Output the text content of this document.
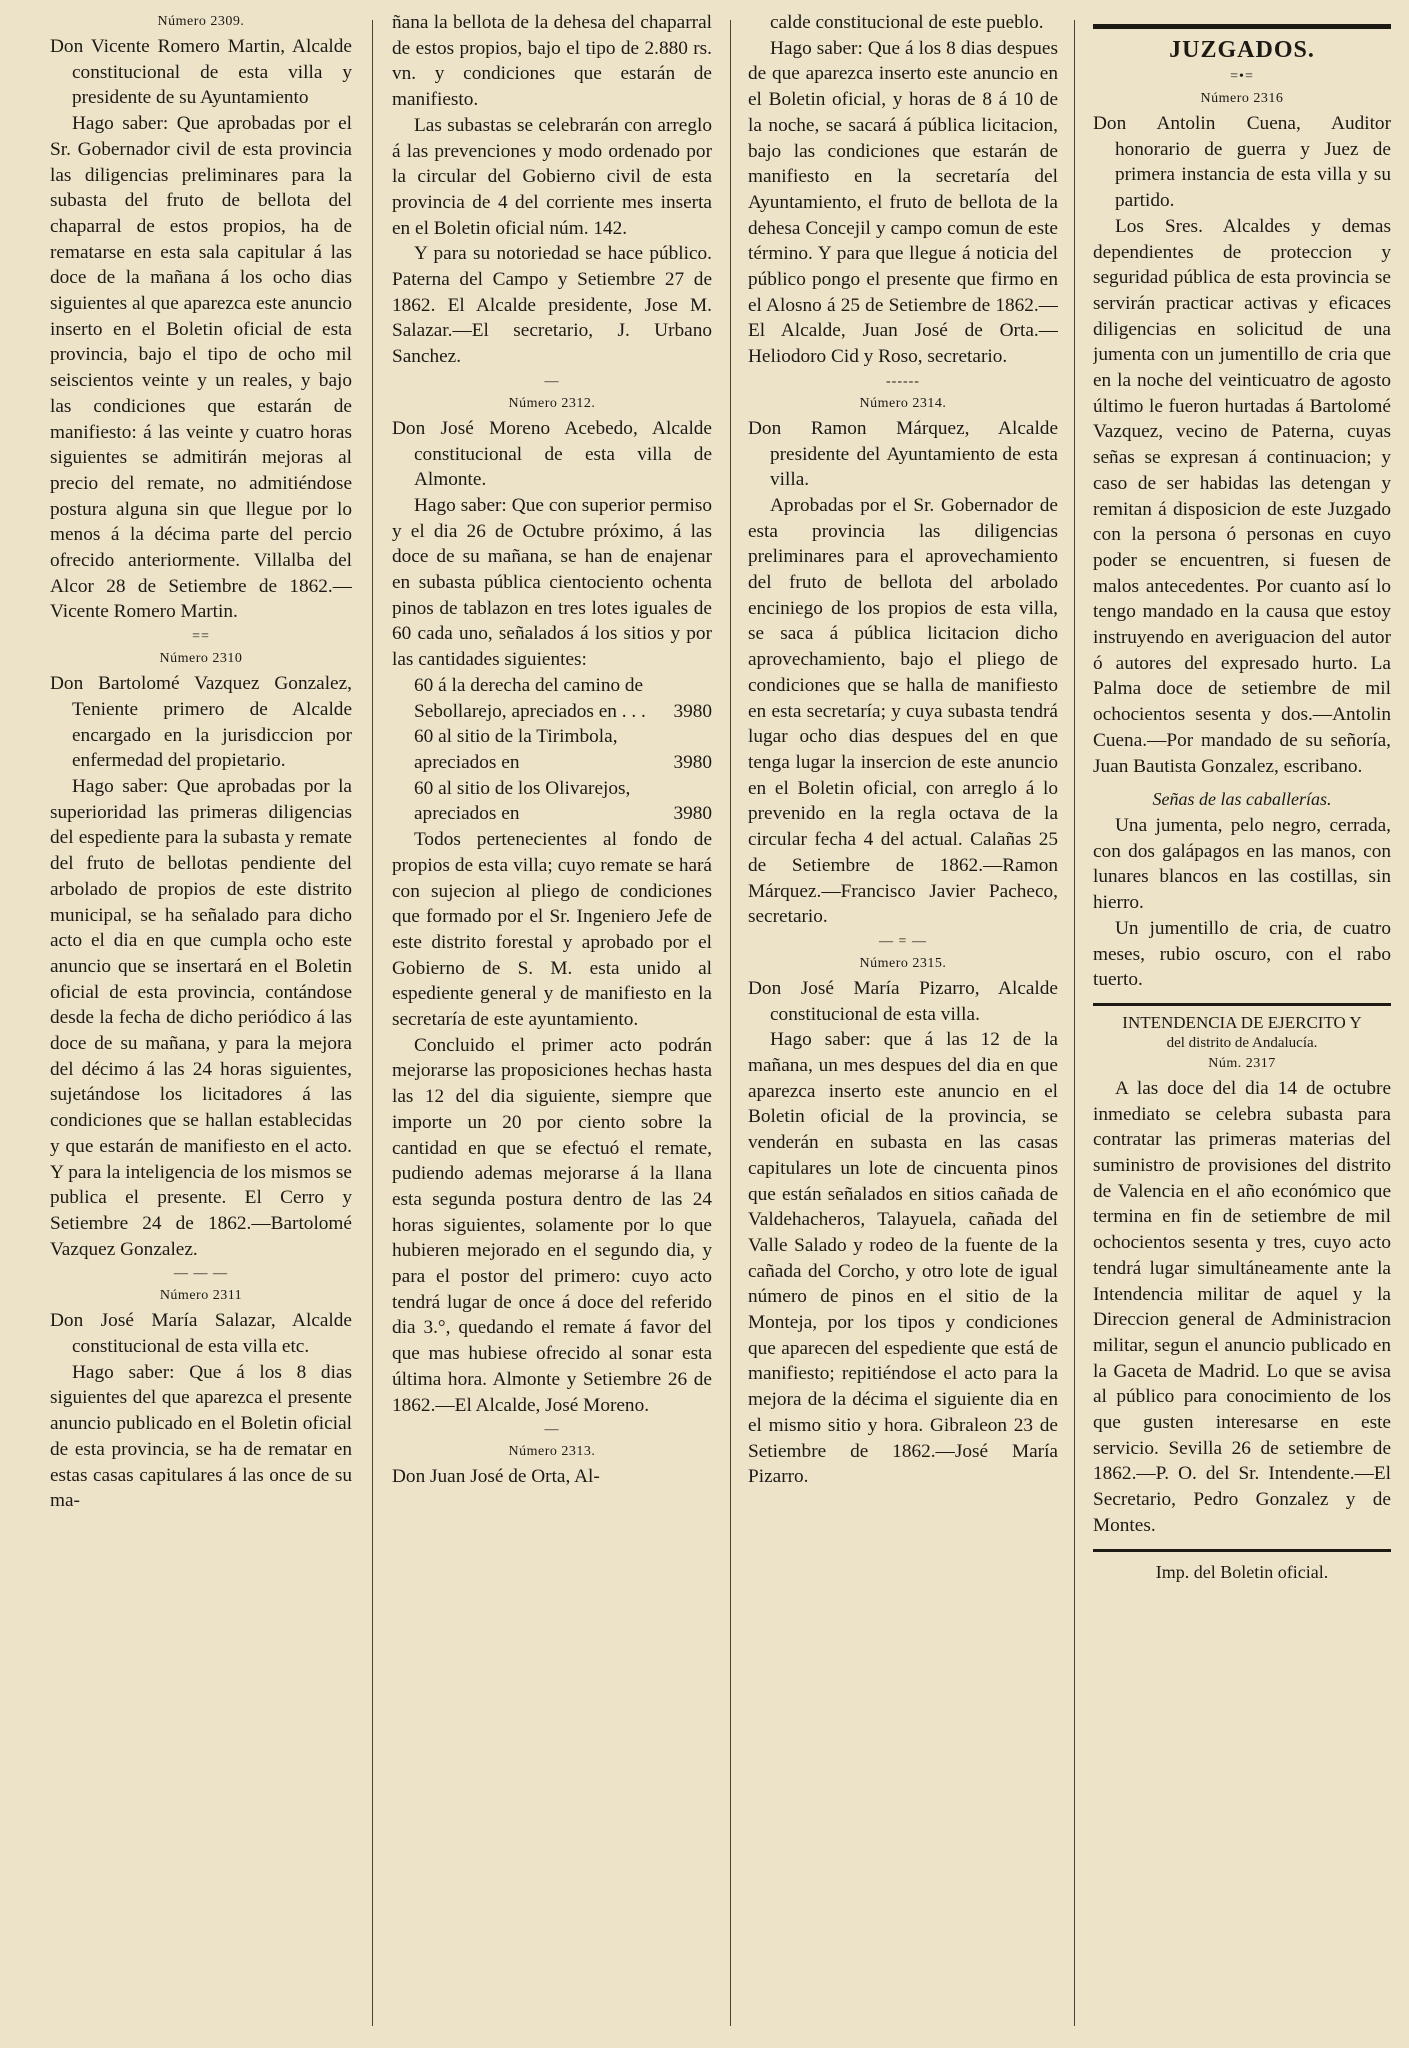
Número 2309.

Don Vicente Romero Martin, Alcalde constitucional de esta villa y presidente de su Ayuntamiento

Hago saber: Que aprobadas por el Sr. Gobernador civil de esta provincia las diligencias preliminares para la subasta del fruto de bellota del chaparral de estos propios, ha de rematarse en esta sala capitular á las doce de la mañana á los ocho dias siguientes al que aparezca este anuncio inserto en el Boletin oficial de esta provincia, bajo el tipo de ocho mil seiscientos veinte y un reales, y bajo las condiciones que estarán de manifiesto: á las veinte y cuatro horas siguientes se admitirán mejoras al precio del remate, no admitiéndose postura alguna sin que llegue por lo menos á la décima parte del percio ofrecido anteriormente. Villalba del Alcor 28 de Setiembre de 1862.—Vicente Romero Martin.

==
Número 2310

Don Bartolomé Vazquez Gonzalez, Teniente primero de Alcalde encargado en la jurisdiccion por enfermedad del propietario.

Hago saber: Que aprobadas por la superioridad las primeras diligencias del espediente para la subasta y remate del fruto de bellotas pendiente del arbolado de propios de este distrito municipal, se ha señalado para dicho acto el dia en que cumpla ocho este anuncio que se insertará en el Boletin oficial de esta provincia, contándose desde la fecha de dicho periódico á las doce de su mañana, y para la mejora del décimo á las 24 horas siguientes, sujetándose los licitadores á las condiciones que se hallan establecidas y que estarán de manifiesto en el acto. Y para la inteligencia de los mismos se publica el presente. El Cerro y Setiembre 24 de 1862.—Bartolomé Vazquez Gonzalez.

— — —
Número 2311

Don José María Salazar, Alcalde constitucional de esta villa etc.

Hago saber: Que á los 8 dias siguientes del que aparezca el presente anuncio publicado en el Boletin oficial de esta provincia, se ha de rematar en estas casas capitulares á las once de su ma-

ñana la bellota de la dehesa del chaparral de estos propios, bajo el tipo de 2.880 rs. vn. y condiciones que estarán de manifiesto.

Las subastas se celebrarán con arreglo á las prevenciones y modo ordenado por la circular del Gobierno civil de esta provincia de 4 del corriente mes inserta en el Boletin oficial núm. 142.

Y para su notoriedad se hace público. Paterna del Campo y Setiembre 27 de 1862. El Alcalde presidente, Jose M. Salazar.—El secretario, J. Urbano Sanchez.

—
Número 2312.

Don José Moreno Acebedo, Alcalde constitucional de esta villa de Almonte.

Hago saber: Que con superior permiso y el dia 26 de Octubre próximo, á las doce de su mañana, se han de enajenar en subasta pública cientociento ochenta pinos de tablazon en tres lotes iguales de 60 cada uno, señalados á los sitios y por las cantidades siguientes:

60 á la derecha del camino de Sebollarejo, apreciados en . . .	3980
60 al sitio de la Tirimbola, apreciados en	3980
60 al sitio de los Olivarejos, apreciados en	3980

Todos pertenecientes al fondo de propios de esta villa; cuyo remate se hará con sujecion al pliego de condiciones que formado por el Sr. Ingeniero Jefe de este distrito forestal y aprobado por el Gobierno de S. M. esta unido al espediente general y de manifiesto en la secretaría de este ayuntamiento.

Concluido el primer acto podrán mejorarse las proposiciones hechas hasta las 12 del dia siguiente, siempre que importe un 20 por ciento sobre la cantidad en que se efectuó el remate, pudiendo ademas mejorarse á la llana esta segunda postura dentro de las 24 horas siguientes, solamente por lo que hubieren mejorado en el segundo dia, y para el postor del primero: cuyo acto tendrá lugar de once á doce del referido dia 3.°, quedando el remate á favor del que mas hubiese ofrecido al sonar esta última hora. Almonte y Setiembre 26 de 1862.—El Alcalde, José Moreno.

—
Número 2313.

Don Juan José de Orta, Al-

calde constitucional de este pueblo.

Hago saber: Que á los 8 dias despues de que aparezca inserto este anuncio en el Boletin oficial, y horas de 8 á 10 de la noche, se sacará á pública licitacion, bajo las condiciones que estarán de manifiesto en la secretaría del Ayuntamiento, el fruto de bellota de la dehesa Concejil y campo comun de este término. Y para que llegue á noticia del público pongo el presente que firmo en el Alosno á 25 de Setiembre de 1862.—El Alcalde, Juan José de Orta.—Heliodoro Cid y Roso, secretario.

------
Número 2314.

Don Ramon Márquez, Alcalde presidente del Ayuntamiento de esta villa.

Aprobadas por el Sr. Gobernador de esta provincia las diligencias preliminares para el aprovechamiento del fruto de bellota del arbolado enciniego de los propios de esta villa, se saca á pública licitacion dicho aprovechamiento, bajo el pliego de condiciones que se halla de manifiesto en esta secretaría; y cuya subasta tendrá lugar ocho dias despues del en que tenga lugar la insercion de este anuncio en el Boletin oficial, con arreglo á lo prevenido en la regla octava de la circular fecha 4 del actual. Calañas 25 de Setiembre de 1862.—Ramon Márquez.—Francisco Javier Pacheco, secretario.

— = —
Número 2315.

Don José María Pizarro, Alcalde constitucional de esta villa.

Hago saber: que á las 12 de la mañana, un mes despues del dia en que aparezca inserto este anuncio en el Boletin oficial de la provincia, se venderán en subasta en las casas capitulares un lote de cincuenta pinos que están señalados en sitios cañada de Valdehacheros, Talayuela, cañada del Valle Salado y rodeo de la fuente de la cañada del Corcho, y otro lote de igual número de pinos en el sitio de la Monteja, por los tipos y condiciones que aparecen del espediente que está de manifiesto; repitiéndose el acto para la mejora de la décima el siguiente dia en el mismo sitio y hora. Gibraleon 23 de Setiembre de 1862.—José María Pizarro.

JUZGADOS.
=•=
Número 2316

Don Antolin Cuena, Auditor honorario de guerra y Juez de primera instancia de esta villa y su partido.

Los Sres. Alcaldes y demas dependientes de proteccion y seguridad pública de esta provincia se servirán practicar activas y eficaces diligencias en solicitud de una jumenta con un jumentillo de cria que en la noche del veinticuatro de agosto último le fueron hurtadas á Bartolomé Vazquez, vecino de Paterna, cuyas señas se expresan á continuacion; y caso de ser habidas las detengan y remitan á disposicion de este Juzgado con la persona ó personas en cuyo poder se encuentren, si fuesen de malos antecedentes. Por cuanto así lo tengo mandado en la causa que estoy instruyendo en averiguacion del autor ó autores del expresado hurto. La Palma doce de setiembre de mil ochocientos sesenta y dos.—Antolin Cuena.—Por mandado de su señoría, Juan Bautista Gonzalez, escribano.

Señas de las caballerías.

Una jumenta, pelo negro, cerrada, con dos galápagos en las manos, con lunares blancos en las costillas, sin hierro.

Un jumentillo de cria, de cuatro meses, rubio oscuro, con el rabo tuerto.

INTENDENCIA DE EJERCITO Y
del distrito de Andalucía.
Núm. 2317

A las doce del dia 14 de octubre inmediato se celebra subasta para contratar las primeras materias del suministro de provisiones del distrito de Valencia en el año económico que termina en fin de setiembre de mil ochocientos sesenta y tres, cuyo acto tendrá lugar simultáneamente ante la Intendencia militar de aquel y la Direccion general de Administracion militar, segun el anuncio publicado en la Gaceta de Madrid. Lo que se avisa al público para conocimiento de los que gusten interesarse en este servicio. Sevilla 26 de setiembre de 1862.—P. O. del Sr. Intendente.—El Secretario, Pedro Gonzalez y de Montes.

Imp. del Boletin oficial.
